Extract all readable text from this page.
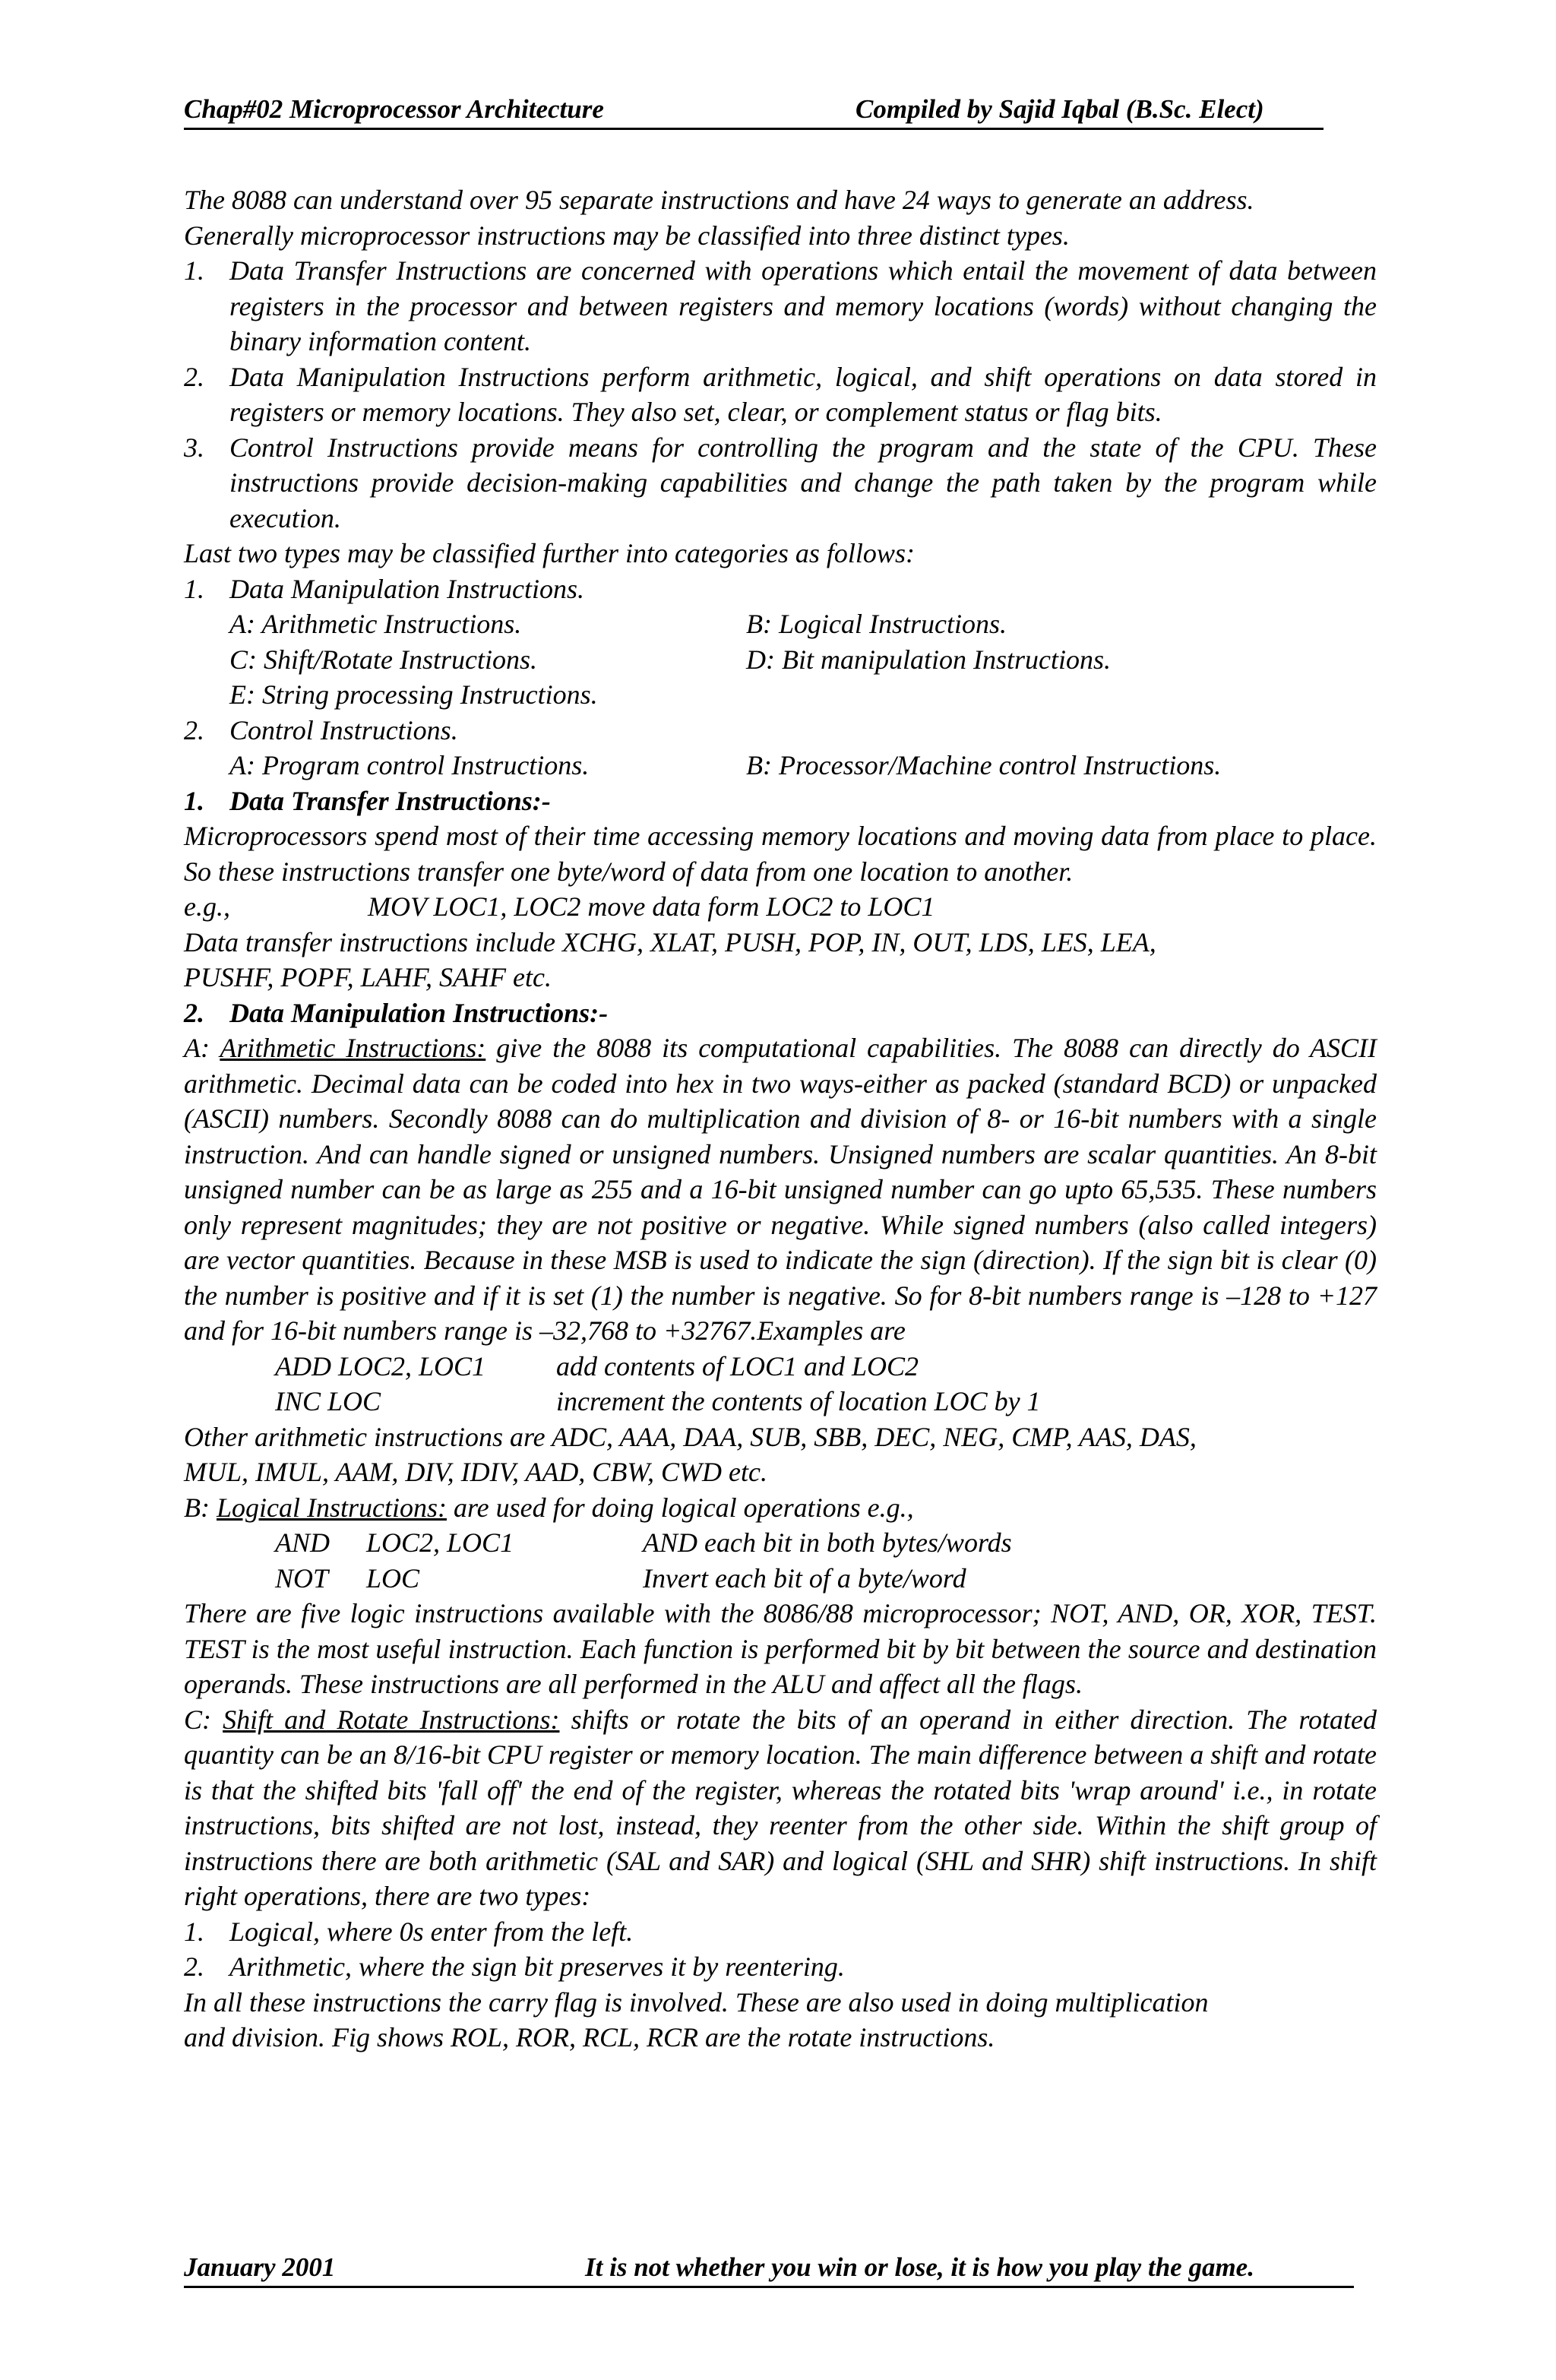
Chap#02 Microprocessor Architecture	Compiled by Sajid Iqbal (B.Sc. Elect)

The 8088 can understand over 95 separate instructions and have 24 ways to generate an address.

Generally microprocessor instructions may be classified into three distinct types.

1. Data Transfer Instructions are concerned with operations which entail the movement of data between registers in the processor and between registers and memory locations (words) without changing the binary information content.
2. Data Manipulation Instructions perform arithmetic, logical, and shift operations on data stored in registers or memory locations. They also set, clear, or complement status or flag bits.
3. Control Instructions provide means for controlling the program and the state of the CPU. These instructions provide decision-making capabilities and change the path taken by the program while execution.

Last two types may be classified further into categories as follows:

1. Data Manipulation Instructions.
A: Arithmetic Instructions.	B: Logical Instructions.
C: Shift/Rotate Instructions.	D: Bit manipulation Instructions.
E: String processing Instructions.
2. Control Instructions.
A: Program control Instructions.	B: Processor/Machine control Instructions.
1. Data Transfer Instructions:-

Microprocessors spend most of their time accessing memory locations and moving data from place to place. So these instructions transfer one byte/word of data from one location to another.

e.g.,	MOV LOC1, LOC2 move data form LOC2 to LOC1

Data transfer instructions include XCHG, XLAT, PUSH, POP, IN, OUT, LDS, LES, LEA,

PUSHF, POPF, LAHF, SAHF etc.

2. Data Manipulation Instructions:-

A: Arithmetic Instructions: give the 8088 its computational capabilities. The 8088 can directly do ASCII arithmetic. Decimal data can be coded into hex in two ways-either as packed (standard BCD) or unpacked (ASCII) numbers. Secondly 8088 can do multiplication and division of 8- or 16-bit numbers with a single instruction. And can handle signed or unsigned numbers. Unsigned numbers are scalar quantities. An 8-bit unsigned number can be as large as 255 and a 16-bit unsigned number can go upto 65,535. These numbers only represent magnitudes; they are not positive or negative. While signed numbers (also called integers) are vector quantities. Because in these MSB is used to indicate the sign (direction). If the sign bit is clear (0) the number is positive and if it is set (1) the number is negative. So for 8-bit numbers range is –128 to +127 and for 16-bit numbers range is –32,768 to +32767.Examples are

ADD LOC2, LOC1	add contents of LOC1 and LOC2
INC LOC	increment the contents of location LOC by 1

Other arithmetic instructions are ADC, AAA, DAA, SUB, SBB, DEC, NEG, CMP, AAS, DAS,

MUL, IMUL, AAM, DIV, IDIV, AAD, CBW, CWD etc.

B: Logical Instructions: are used for doing logical operations e.g.,

AND	LOC2, LOC1	AND each bit in both bytes/words
NOT	LOC	Invert each bit of a byte/word

There are five logic instructions available with the 8086/88 microprocessor; NOT, AND, OR, XOR, TEST. TEST is the most useful instruction. Each function is performed bit by bit between the source and destination operands. These instructions are all performed in the ALU and affect all the flags.

C: Shift and Rotate Instructions: shifts or rotate the bits of an operand in either direction. The rotated quantity can be an 8/16-bit CPU register or memory location. The main difference between a shift and rotate is that the shifted bits 'fall off' the end of the register, whereas the rotated bits 'wrap around' i.e., in rotate instructions, bits shifted are not lost, instead, they reenter from the other side. Within the shift group of instructions there are both arithmetic (SAL and SAR) and logical (SHL and SHR) shift instructions. In shift right operations, there are two types:

1. Logical, where 0s enter from the left.
2. Arithmetic, where the sign bit preserves it by reentering.

In all these instructions the carry flag is involved. These are also used in doing multiplication

and division. Fig shows ROL, ROR, RCL, RCR are the rotate instructions.

January 2001	It is not whether you win or lose, it is how you play the game.
